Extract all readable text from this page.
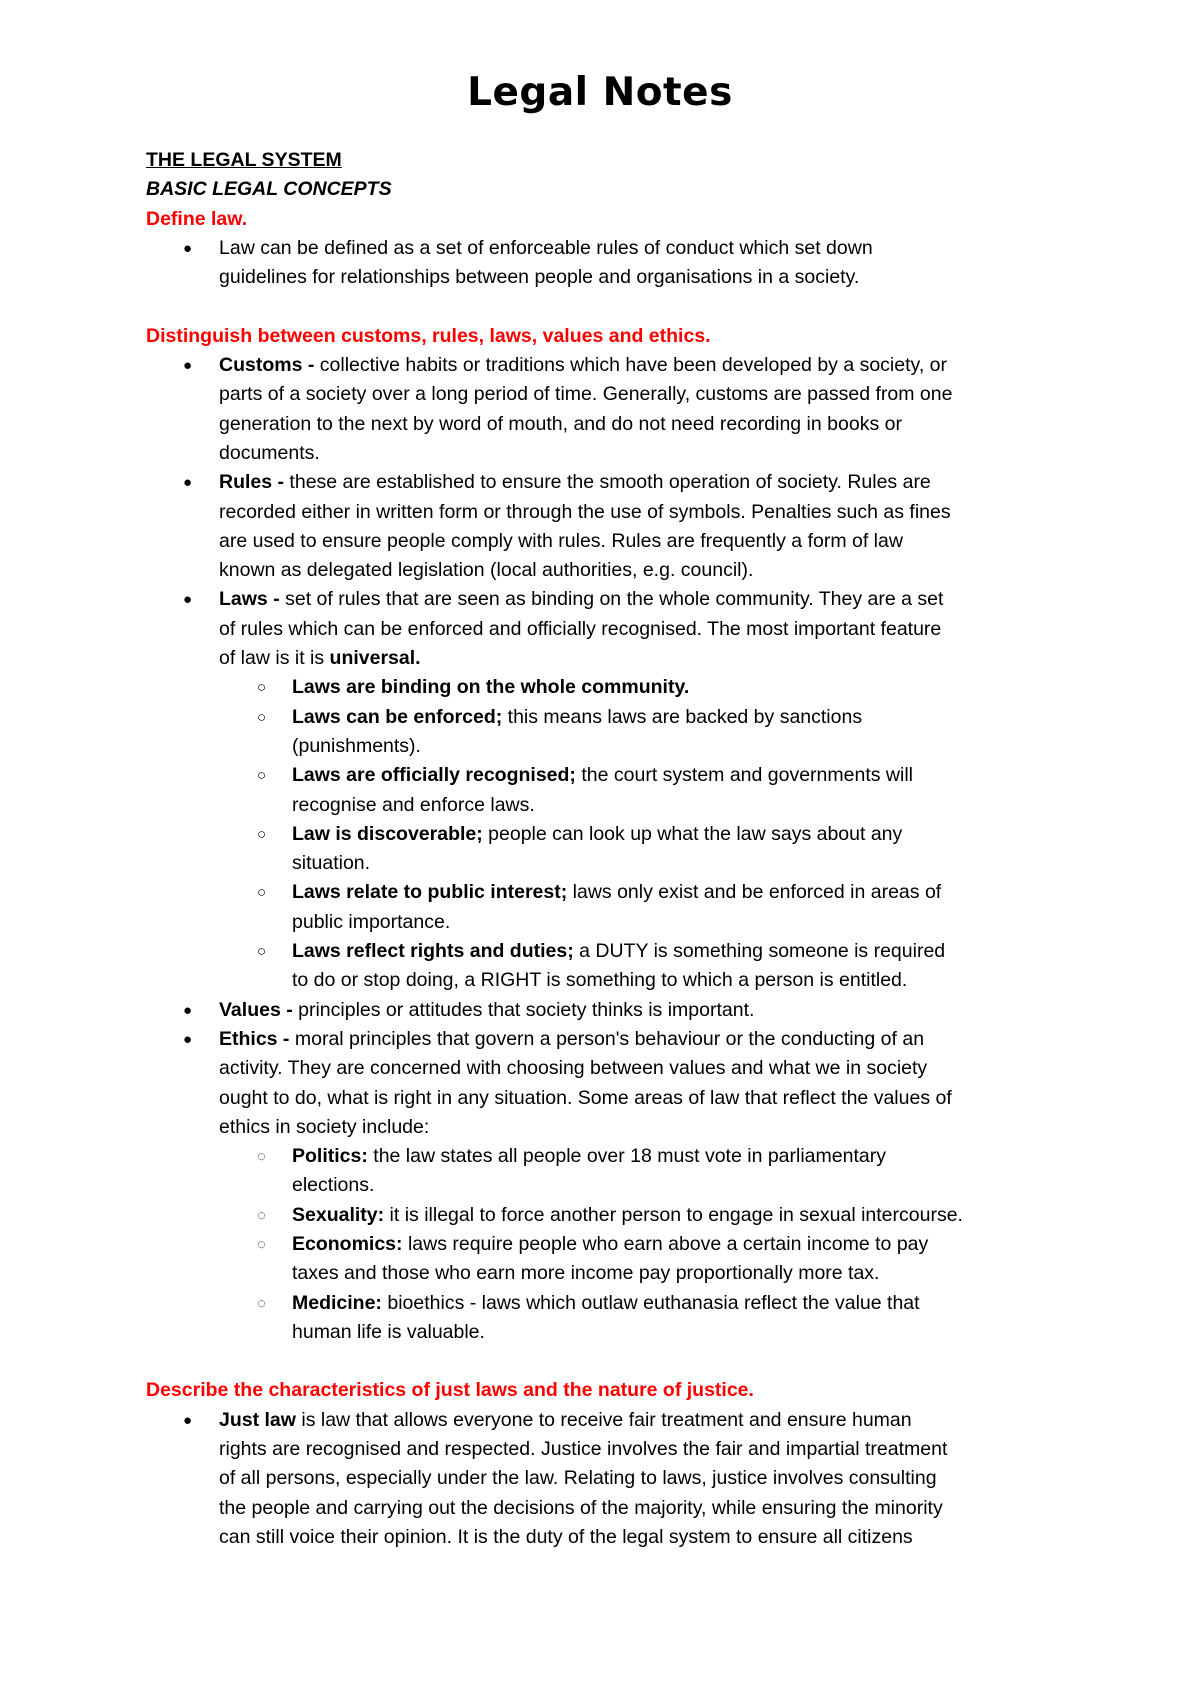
Legal Notes

THE LEGAL SYSTEM

BASIC LEGAL CONCEPTS

Define law.

● Law can be defined as a set of enforceable rules of conduct which set down

guidelines for relationships between people and organisations in a society.

Distinguish between customs, rules, laws, values and ethics.

● Customs - collective habits or traditions which have been developed by a society, or

parts of a society over a long period of time. Generally, customs are passed from one

generation to the next by word of mouth, and do not need recording in books or

documents.

● Rules - these are established to ensure the smooth operation of society. Rules are

recorded either in written form or through the use of symbols. Penalties such as fines

are used to ensure people comply with rules. Rules are frequently a form of law

known as delegated legislation (local authorities, e.g. council).

● Laws - set of rules that are seen as binding on the whole community. They are a set

of rules which can be enforced and officially recognised. The most important feature

of law is it is universal.

○ Laws are binding on the whole community.

○ Laws can be enforced; this means laws are backed by sanctions

(punishments).

○ Laws are officially recognised; the court system and governments will

recognise and enforce laws.

○ Law is discoverable; people can look up what the law says about any

situation.

○ Laws relate to public interest; laws only exist and be enforced in areas of

public importance.

○ Laws reflect rights and duties; a DUTY is something someone is required

to do or stop doing, a RIGHT is something to which a person is entitled.

● Values - principles or attitudes that society thinks is important.

● Ethics - moral principles that govern a person's behaviour or the conducting of an

activity. They are concerned with choosing between values and what we in society

ought to do, what is right in any situation. Some areas of law that reflect the values of

ethics in society include:

◌ Politics: the law states all people over 18 must vote in parliamentary

elections.

◌ Sexuality: it is illegal to force another person to engage in sexual intercourse.

◌ Economics: laws require people who earn above a certain income to pay

taxes and those who earn more income pay proportionally more tax.

◌ Medicine: bioethics - laws which outlaw euthanasia reflect the value that

human life is valuable.

Describe the characteristics of just laws and the nature of justice.

● Just law is law that allows everyone to receive fair treatment and ensure human

rights are recognised and respected. Justice involves the fair and impartial treatment

of all persons, especially under the law. Relating to laws, justice involves consulting

the people and carrying out the decisions of the majority, while ensuring the minority

can still voice their opinion. It is the duty of the legal system to ensure all citizens
